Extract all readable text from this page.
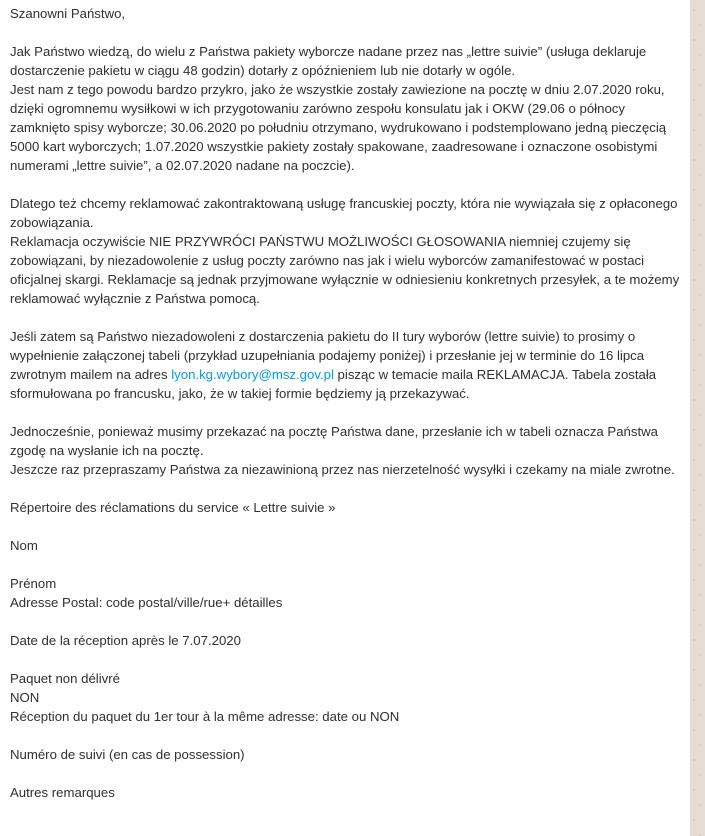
Szanowni Państwo,

Jak Państwo wiedzą, do wielu z Państwa pakiety wyborcze nadane przez nas „lettre suivie” (usługa deklaruje dostarczenie pakietu w ciągu 48 godzin) dotarły z opóźnieniem lub nie dotarły w ogóle.

Jest nam z tego powodu bardzo przykro, jako że wszystkie zostały zawiezione na pocztę w dniu 2.07.2020 roku, dzięki ogromnemu wysiłkowi w ich przygotowaniu zarówno zespołu konsulatu jak i OKW (29.06 o północy zamknięto spisy wyborcze; 30.06.2020 po południu otrzymano, wydrukowano i podstemplowano jedną pieczęcią 5000 kart wyborczych; 1.07.2020 wszystkie pakiety zostały spakowane, zaadresowane i oznaczone osobistymi numerami „lettre suivie”, a 02.07.2020 nadane na poczcie).

Dlatego też chcemy reklamować zakontraktowaną usługę francuskiej poczty, która nie wywiązała się z opłaconego zobowiązania.

Reklamacja oczywiście NIE PRZYWRÓCI PAŃSTWU MOŻLIWOŚCI GŁOSOWANIA niemniej czujemy się zobowiązani, by niezadowolenie z usług poczty zarówno nas jak i wielu wyborców zamanifestować w postaci oficjalnej skargi. Reklamacje są jednak przyjmowane wyłącznie w odniesieniu konkretnych przesyłek, a te możemy reklamować wyłącznie z Państwa pomocą.

Jeśli zatem są Państwo niezadowoleni z dostarczenia pakietu do II tury wyborów (lettre suivie) to prosimy o wypełnienie załączonej tabeli (przykład uzupełniania podajemy poniżej) i przesłanie jej w terminie do 16 lipca zwrotnym mailem na adres lyon.kg.wybory@msz.gov.pl pisząc w temacie maila REKLAMACJA. Tabela została sformułowana po francusku, jako, że w takiej formie będziemy ją przekazywać.

Jednocześnie, ponieważ musimy przekazać na pocztę Państwa dane, przesłanie ich w tabeli oznacza Państwa zgodę na wysłanie ich na pocztę.

Jeszcze raz przepraszamy Państwa za niezawinioną przez nas nierzetelność wysyłki i czekamy na miale zwrotne.

Répertoire des réclamations du service « Lettre suivie »

Nom

Prénom

Adresse Postal: code postal/ville/rue+ détailles

Date de la réception après le 7.07.2020

Paquet non délivré

NON

Réception du paquet du 1er tour à la même adresse: date ou NON

Numéro de suivi (en cas de possession)

Autres remarques
